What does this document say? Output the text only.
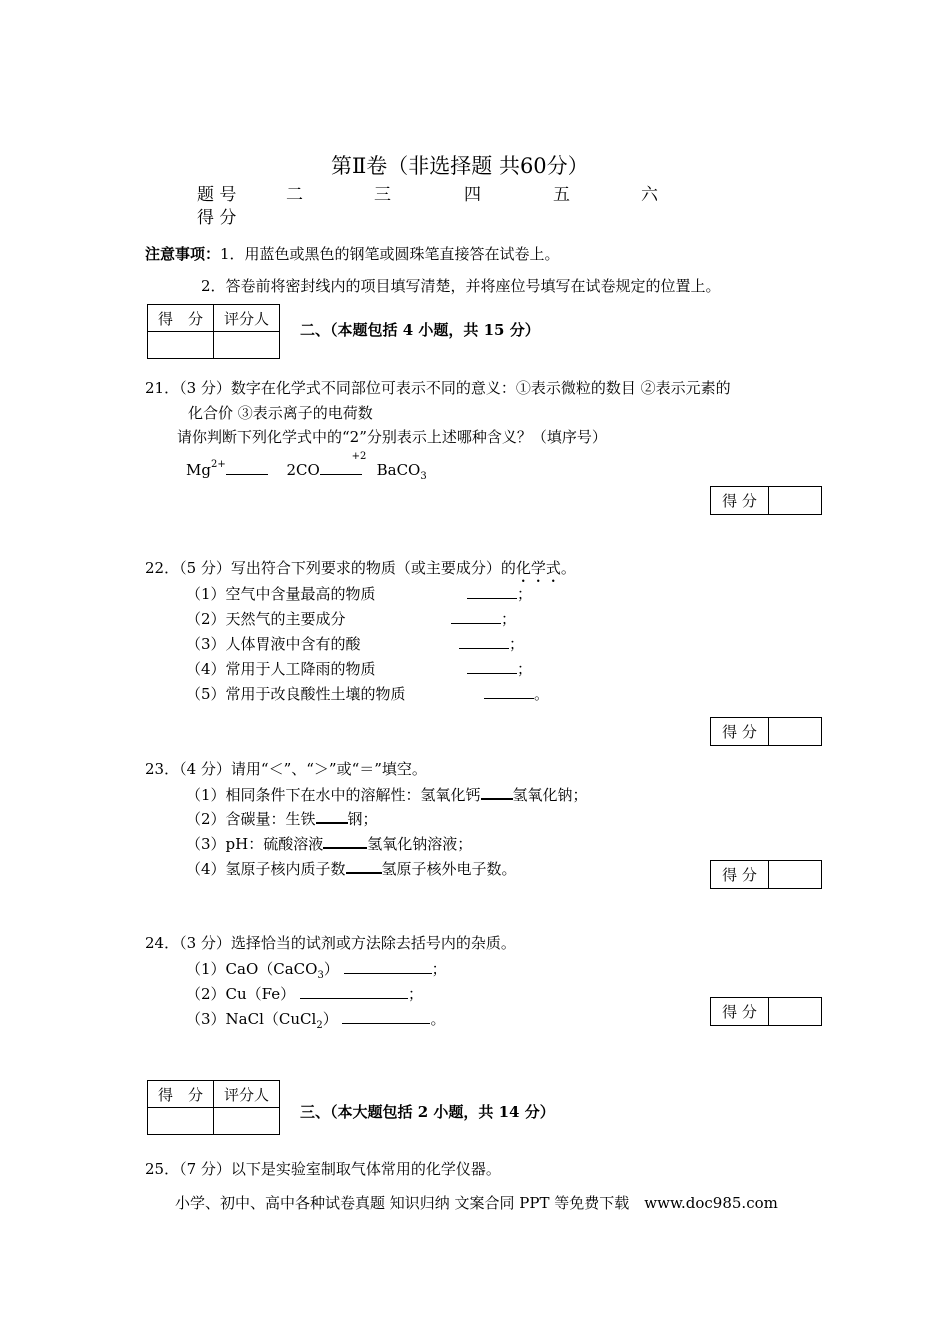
第Ⅱ卷（非选择题 共60分）
题 号	二	三	四	五	六
得 分
注意事项：1．用蓝色或黑色的钢笔或圆珠笔直接答在试卷上。
2．答卷前将密封线内的项目填写清楚，并将座位号填写在试卷规定的位置上。
得　分	评分人

二、（本题包括 4 小题，共 15 分）
21．（3 分）数字在化学式不同部位可表示不同的意义：①表示微粒的数目 ②表示元素的
化合价 ③表示离子的电荷数
请你判断下列化学式中的“2”分别表示上述哪种含义？（填序号）
$Mg^{2+}$	2CO
+2
BaCO$_3$
得 分	
22．（5 分）写出符合下列要求的物质（或主要成分）的化学式。
（1）空气中含量最高的物质	；
（2）天然气的主要成分	；
（3）人体胃液中含有的酸	；
（4）常用于人工降雨的物质	；
（5）常用于改良酸性土壤的物质	。
得 分	
23．（4 分）请用“＜”、“＞”或“＝”填空。
（1）相同条件下在水中的溶解性：氢氧化钙 氢氧化钠；
（2）含碳量：生铁 钢；
（3）pH：硫酸溶液	氢氧化钠溶液；
（4）氢原子核内质子数 氢原子核外电子数。	得 分	
24．（3 分）选择恰当的试剂或方法除去括号内的杂质。
（1）CaO（CaCO$_3$）	；
（2）Cu（Fe）	；
（3）NaCl（CuCl$_2$）	。	得 分	
得　分	评分人

三、（本大题包括 2 小题，共 14 分）
25．（7 分）以下是实验室制取气体常用的化学仪器。
小学、初中、高中各种试卷真题 知识归纳 文案合同 PPT 等免费下载　www.doc985.com
